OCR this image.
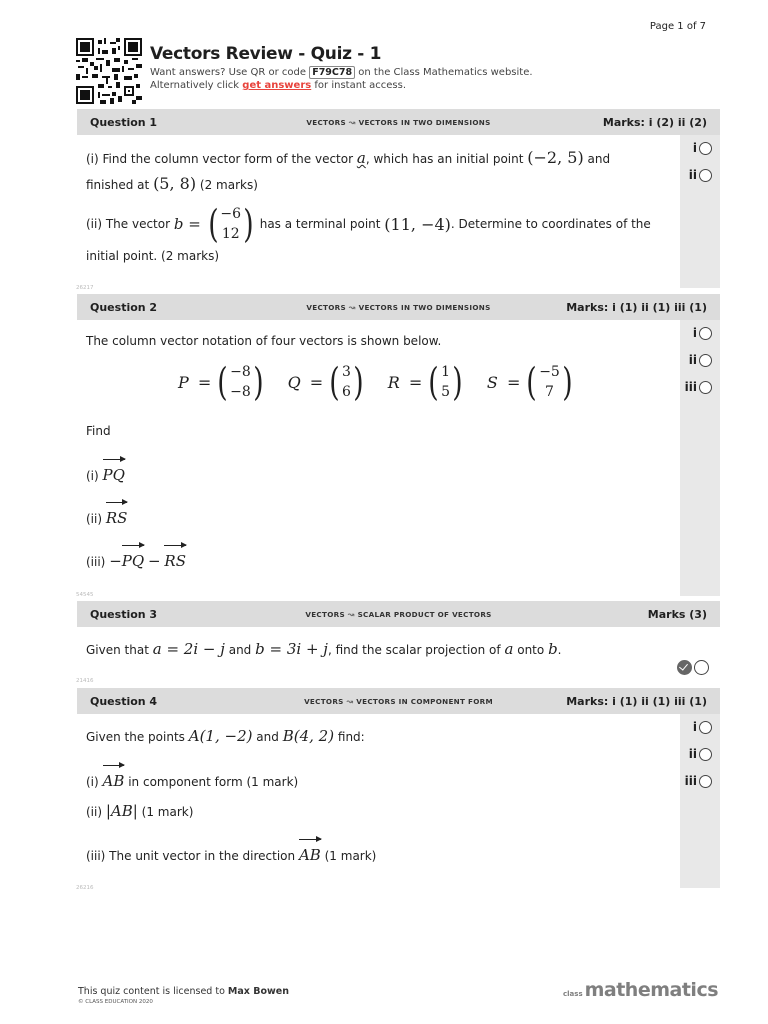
Page 1 of 7
Vectors Review - Quiz - 1
Want answers? Use QR or code F79C78 on the Class Mathematics website.
Alternatively click get answers for instant access.
Question 1	VECTORS ↝ VECTORS IN TWO DIMENSIONS	Marks: i (2) ii (2)
i
ii
(i) Find the column vector form of the vector a, which has an initial point (−2, 5) and
finished at (5, 8) (2 marks)
(ii) The vector
b = ( −6
12 )
has a terminal point
(11, −4) . Determine to coordinates of the
initial point. (2 marks)
26217
Question 2	VECTORS ↝ VECTORS IN TWO DIMENSIONS	Marks: i (1) ii (1) iii (1)
i
ii
iii
The column vector notation of four vectors is shown below.
P = ( −8
−8 ) Q = ( 3
6 ) R = ( 1
5 ) S = ( −5
7 )
Find
(i) PQ
(ii) RS
(iii) −
PQ − RS
54545
Question 3	VECTORS ↝ SCALAR PRODUCT OF VECTORS	Marks (3)
Given that a = 2i − j and b = 3i + j, find the scalar projection of a onto b.
21416
Question 4	VECTORS ↝ VECTORS IN COMPONENT FORM	Marks: i (1) ii (1) iii (1)
i
ii
iii
Given the points A(1, −2) and B(4, 2) find:
(i) AB in component form (1 mark)
(ii) |AB| (1 mark)
(iii) The unit vector in the direction AB (1 mark)
26216
This quiz content is licensed to Max Bowen
© CLASS EDUCATION 2020
class mathematics
